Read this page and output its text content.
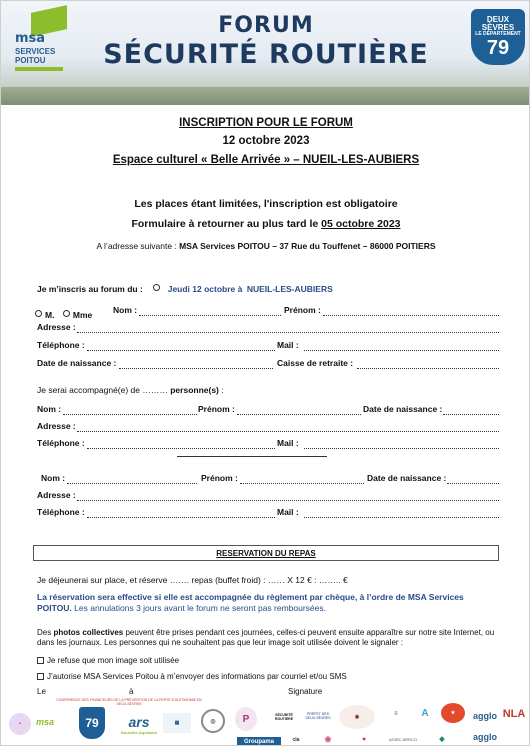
FORUM
SÉCURITÉ ROUTIÈRE
msa
SERVICES
POITOU
DEUX
SÈVRES
LE DÉPARTEMENT
79
INSCRIPTION POUR LE FORUM
12 octobre 2023
Espace culturel « Belle Arrivée » – NUEIL-LES-AUBIERS
Les places étant limitées, l'inscription est obligatoire
Formulaire à retourner au plus tard le 05 octobre 2023
A l’adresse suivante : MSA Services POITOU – 37 Rue du Touffenet – 86000 POITIERS
Je m’inscris au forum du :	Jeudi 12 octobre à NUEIL-LES-AUBIERS
M. Mme Nom :	Prénom :
Adresse :
Téléphone :	Mail :
Date de naissance :	Caisse de retraite :
Je serai accompagné(e) de ……… personne(s) :
Nom :	Prénom :	Date de naissance :
Adresse :
Téléphone :	Mail :
Nom :	Prénom :	Date de naissance :
Adresse :
Téléphone :	Mail :
RESERVATION DU REPAS
Je déjeunerai sur place, et réserve ……. repas (buffet froid) : …… X 12 € : …….. €
La réservation sera effective si elle est accompagnée du règlement par chèque, à l’ordre de MSA Services POITOU. Les annulations 3 jours avant le forum ne seront pas remboursées.
Des photos collectives peuvent être prises pendant ces journées, celles-ci peuvent ensuite apparaître sur notre site Internet, ou dans les journaux. Les personnes qui ne souhaitent pas que leur image soit utilisée doivent le signaler :
Je refuse que mon image soit utilisée
J’autorise MSA Services Poitou à m’envoyer des informations par courriel et/ou SMS
Le	à	Signature
CONFÉRENCE DES FINANCEURS DE LA PRÉVENTION DE LA PERTE D'AUTONOMIE EN DEUX-SÈVRES
•	msa	79	ars
Nouvelle-Aquitaine
▦	◎	P	SÉCURITÉ ROUTIÈRE
PRÉFET DES DEUX-SÈVRES	◉	≡	A	★	agglo NLA
Groupama	cla	❀	♥	AGIRC ARRCO	◆	agglo
